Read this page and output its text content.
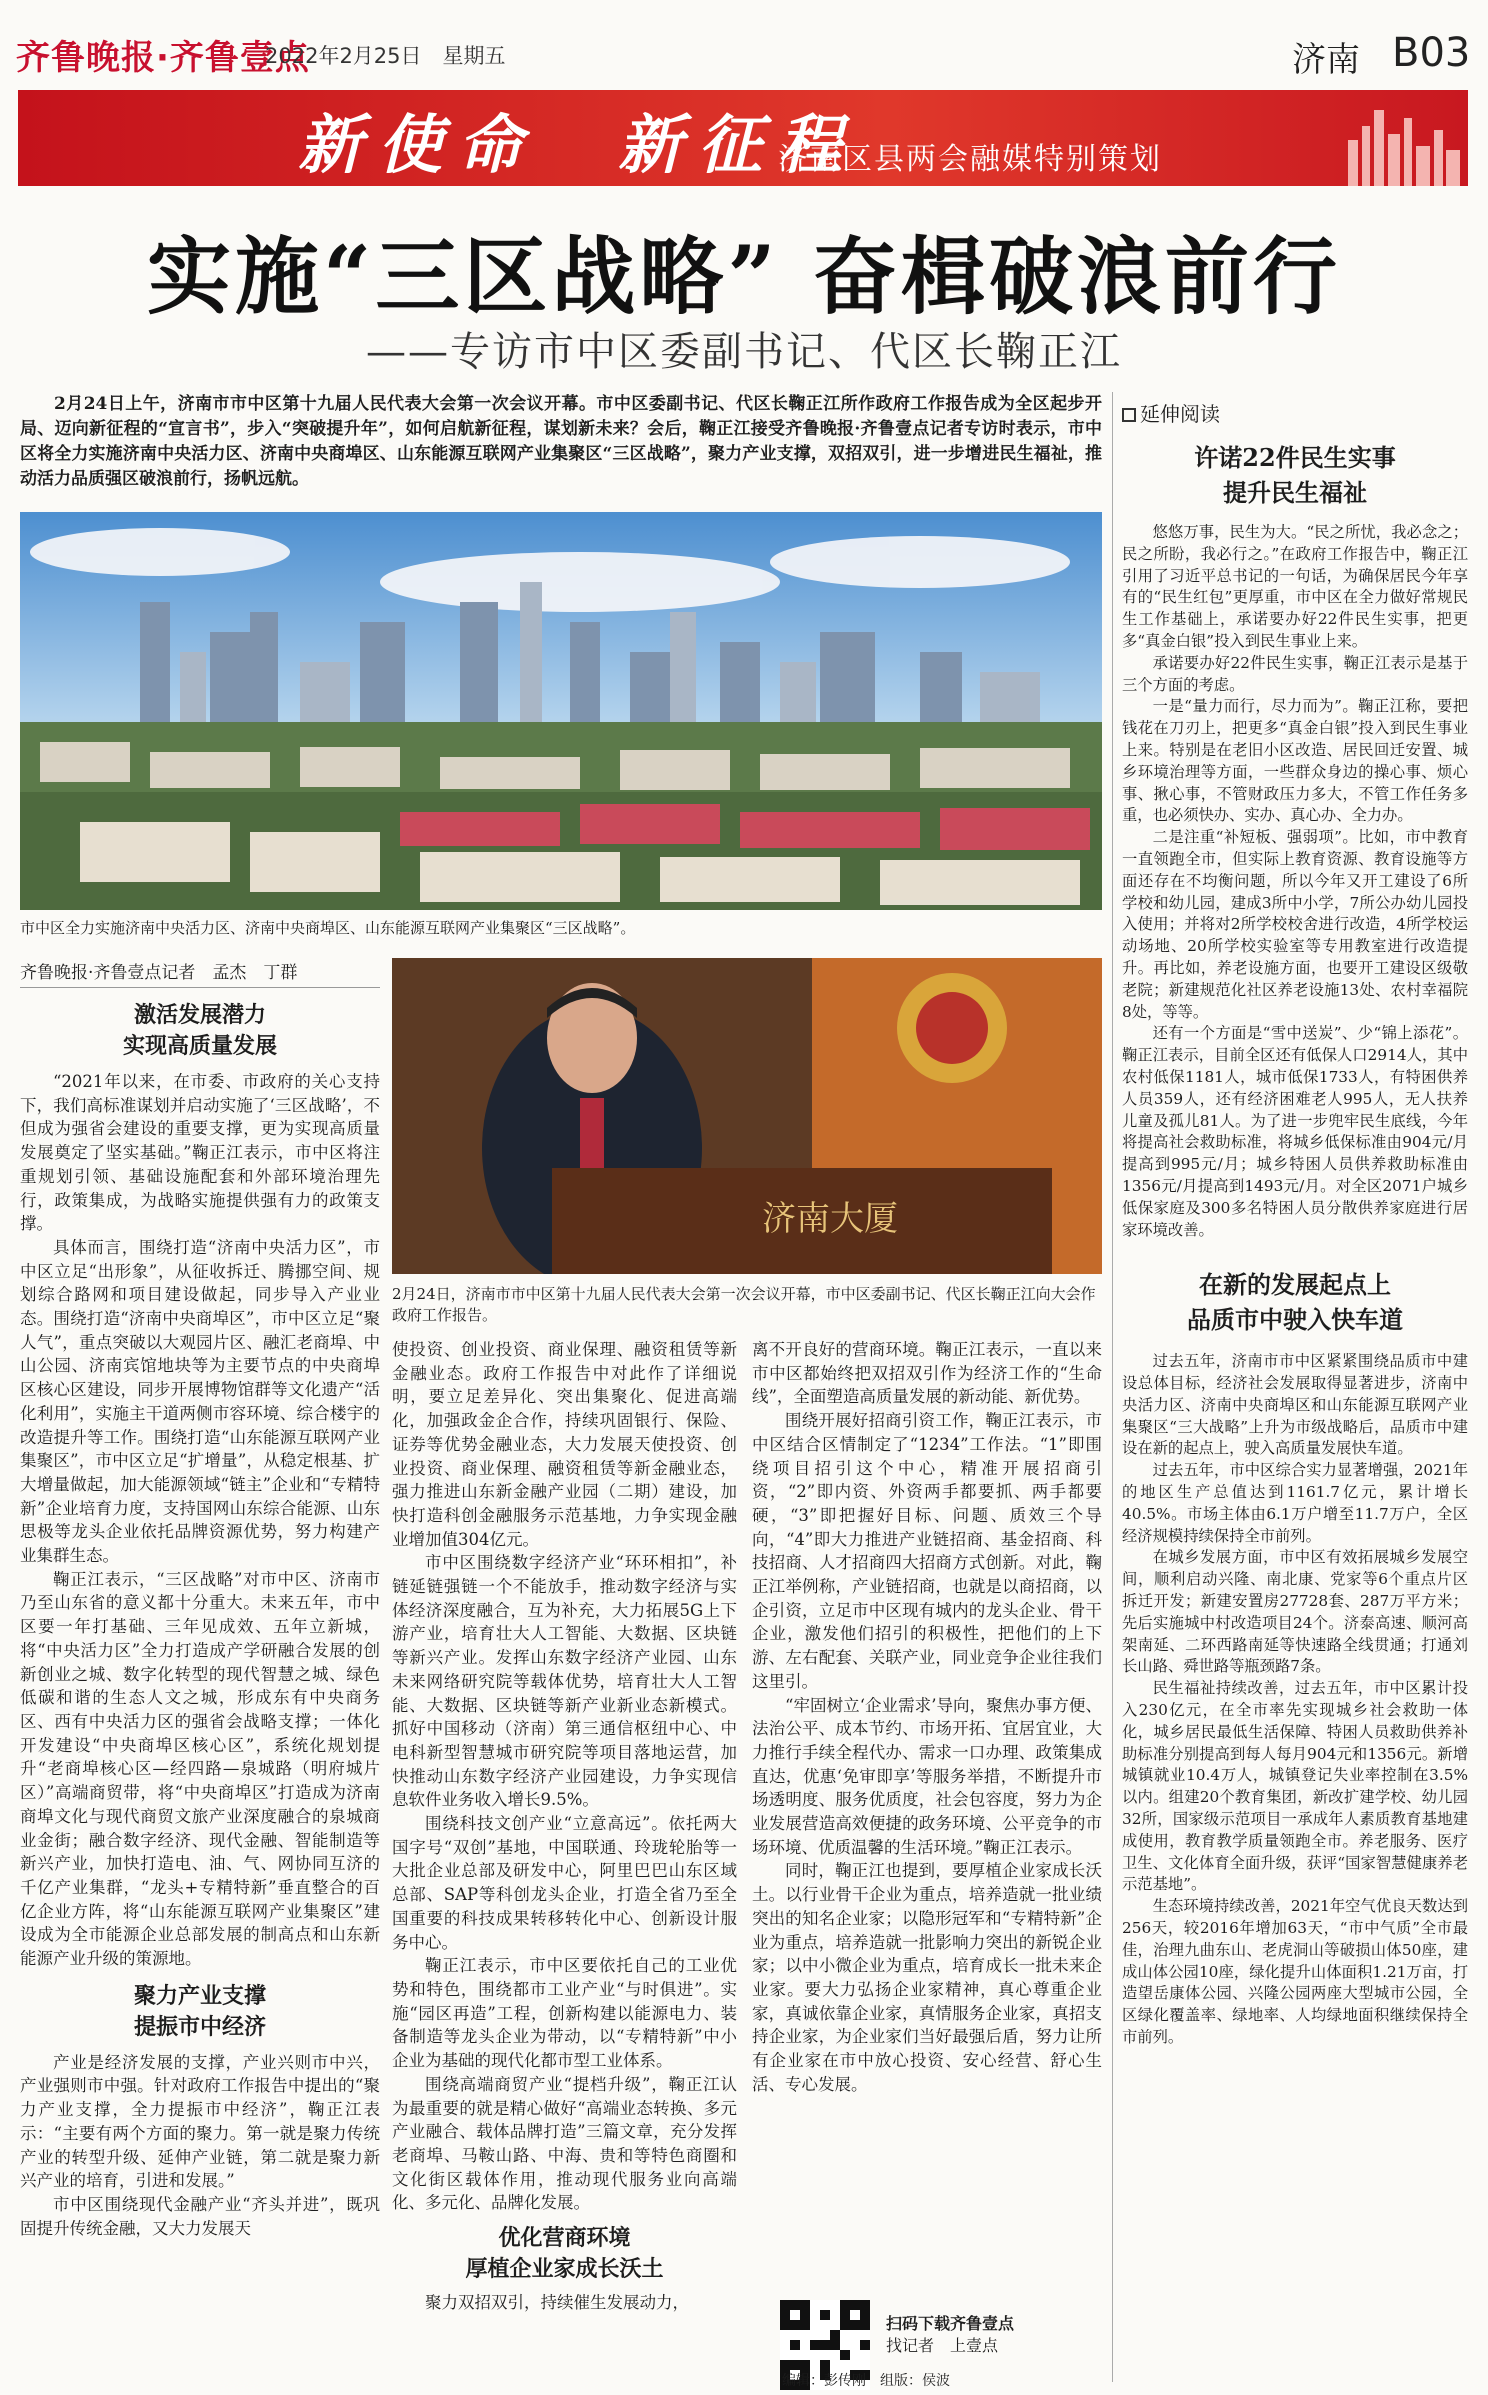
齐鲁晚报·齐鲁壹点
2022年2月25日　星期五	济南 B03
新使命　新征程
济南区县两会融媒特别策划
实施“三区战略” 奋楫破浪前行
——专访市中区委副书记、代区长鞠正江
2月24日上午，济南市市中区第十九届人民代表大会第一次会议开幕。市中区委副书记、代区长鞠正江所作政府工作报告成为全区起步开局、迈向新征程的“宣言书”，步入“突破提升年”，如何启航新征程，谋划新未来？会后，鞠正江接受齐鲁晚报·齐鲁壹点记者专访时表示，市中区将全力实施济南中央活力区、济南中央商埠区、山东能源互联网产业集聚区“三区战略”，聚力产业支撑，双招双引，进一步增进民生福祉，推动活力品质强区破浪前行，扬帆远航。
市中区全力实施济南中央活力区、济南中央商埠区、山东能源互联网产业集聚区“三区战略”。
齐鲁晚报·齐鲁壹点记者　孟杰　丁群
济南大厦
2月24日，济南市市中区第十九届人民代表大会第一次会议开幕，市中区委副书记、代区长鞠正江向大会作政府工作报告。

激活发展潜力
实现高质量发展

“2021年以来，在市委、市政府的关心支持下，我们高标准谋划并启动实施了‘三区战略’，不但成为强省会建设的重要支撑，更为实现高质量发展奠定了坚实基础。”鞠正江表示，市中区将注重规划引领、基础设施配套和外部环境治理先行，政策集成，为战略实施提供强有力的政策支撑。

具体而言，围绕打造“济南中央活力区”，市中区立足“出形象”，从征收拆迁、腾挪空间、规划综合路网和项目建设做起，同步导入产业业态。围绕打造“济南中央商埠区”，市中区立足“聚人气”，重点突破以大观园片区、融汇老商埠、中山公园、济南宾馆地块等为主要节点的中央商埠区核心区建设，同步开展博物馆群等文化遗产“活化利用”，实施主干道两侧市容环境、综合楼宇的改造提升等工作。围绕打造“山东能源互联网产业集聚区”，市中区立足“扩增量”，从稳定根基、扩大增量做起，加大能源领域“链主”企业和“专精特新”企业培育力度，支持国网山东综合能源、山东思极等龙头企业依托品牌资源优势，努力构建产业集群生态。

鞠正江表示，“三区战略”对市中区、济南市乃至山东省的意义都十分重大。未来五年，市中区要一年打基础、三年见成效、五年立新城，将“中央活力区”全力打造成产学研融合发展的创新创业之城、数字化转型的现代智慧之城、绿色低碳和谐的生态人文之城，形成东有中央商务区、西有中央活力区的强省会战略支撑；一体化开发建设“中央商埠区核心区”，系统化规划提升“老商埠核心区—经四路—泉城路（明府城片区）”高端商贸带，将“中央商埠区”打造成为济南商埠文化与现代商贸文旅产业深度融合的泉城商业金街；融合数字经济、现代金融、智能制造等新兴产业，加快打造电、油、气、网协同互济的千亿产业集群，“龙头+专精特新”垂直整合的百亿企业方阵，将“山东能源互联网产业集聚区”建设成为全市能源企业总部发展的制高点和山东新能源产业升级的策源地。

聚力产业支撑
提振市中经济

产业是经济发展的支撑，产业兴则市中兴，产业强则市中强。针对政府工作报告中提出的“聚力产业支撑，全力提振市中经济”，鞠正江表示：“主要有两个方面的聚力。第一就是聚力传统产业的转型升级、延伸产业链，第二就是聚力新兴产业的培育，引进和发展。”

市中区围绕现代金融产业“齐头并进”，既巩固提升传统金融，又大力发展天

使投资、创业投资、商业保理、融资租赁等新金融业态。政府工作报告中对此作了详细说明，要立足差异化、突出集聚化、促进高端化，加强政金企合作，持续巩固银行、保险、证券等优势金融业态，大力发展天使投资、创业投资、商业保理、融资租赁等新金融业态，强力推进山东新金融产业园（二期）建设，加快打造科创金融服务示范基地，力争实现金融业增加值304亿元。

市中区围绕数字经济产业“环环相扣”，补链延链强链一个不能放手，推动数字经济与实体经济深度融合，互为补充，大力拓展5G上下游产业，培育壮大人工智能、大数据、区块链等新兴产业。发挥山东数字经济产业园、山东未来网络研究院等载体优势，培育壮大人工智能、大数据、区块链等新产业新业态新模式。抓好中国移动（济南）第三通信枢纽中心、中电科新型智慧城市研究院等项目落地运营，加快推动山东数字经济产业园建设，力争实现信息软件业务收入增长9.5%。

围绕科技文创产业“立意高远”。依托两大国字号“双创”基地，中国联通、玲珑轮胎等一大批企业总部及研发中心，阿里巴巴山东区域总部、SAP等科创龙头企业，打造全省乃至全国重要的科技成果转移转化中心、创新设计服务中心。

鞠正江表示，市中区要依托自己的工业优势和特色，围绕都市工业产业“与时俱进”。实施“园区再造”工程，创新构建以能源电力、装备制造等龙头企业为带动，以“专精特新”中小企业为基础的现代化都市型工业体系。

围绕高端商贸产业“提档升级”，鞠正江认为最重要的就是精心做好“高端业态转换、多元产业融合、载体品牌打造”三篇文章，充分发挥老商埠、马鞍山路、中海、贵和等特色商圈和文化街区载体作用，推动现代服务业向高端化、多元化、品牌化发展。

优化营商环境
厚植企业家成长沃土

聚力双招双引，持续催生发展动力，

离不开良好的营商环境。鞠正江表示，一直以来市中区都始终把双招双引作为经济工作的“生命线”，全面塑造高质量发展的新动能、新优势。

围绕开展好招商引资工作，鞠正江表示，市中区结合区情制定了“1234”工作法。“1”即围绕项目招引这个中心，精准开展招商引资，“2”即内资、外资两手都要抓、两手都要硬，“3”即把握好目标、问题、质效三个导向，“4”即大力推进产业链招商、基金招商、科技招商、人才招商四大招商方式创新。对此，鞠正江举例称，产业链招商，也就是以商招商，以企引资，立足市中区现有城内的龙头企业、骨干企业，激发他们招引的积极性，把他们的上下游、左右配套、关联产业，同业竞争企业往我们这里引。

“牢固树立‘企业需求’导向，聚焦办事方便、法治公平、成本节约、市场开拓、宜居宜业，大力推行手续全程代办、需求一口办理、政策集成直达，优惠‘免审即享’等服务举措，不断提升市场透明度、服务优质度，社会包容度，努力为企业发展营造高效便捷的政务环境、公平竞争的市场环境、优质温馨的生活环境。”鞠正江表示。

同时，鞠正江也提到，要厚植企业家成长沃土。以行业骨干企业为重点，培养造就一批业绩突出的知名企业家；以隐形冠军和“专精特新”企业为重点，培养造就一批影响力突出的新锐企业家；以中小微企业为重点，培育成长一批未来企业家。要大力弘扬企业家精神，真心尊重企业家，真诚依靠企业家，真情服务企业家，真招支持企业家，为企业家们当好最强后盾，努力让所有企业家在市中放心投资、安心经营、舒心生活、专心发展。

扫码下载齐鲁壹点
找记者　上壹点
编辑：彭传刚　组版：侯波
延伸阅读

许诺22件民生实事
提升民生福祉

悠悠万事，民生为大。“民之所忧，我必念之；民之所盼，我必行之。”在政府工作报告中，鞠正江引用了习近平总书记的一句话，为确保居民今年享有的“民生红包”更厚重，市中区在全力做好常规民生工作基础上，承诺要办好22件民生实事，把更多“真金白银”投入到民生事业上来。

承诺要办好22件民生实事，鞠正江表示是基于三个方面的考虑。

一是“量力而行，尽力而为”。鞠正江称，要把钱花在刀刃上，把更多“真金白银”投入到民生事业上来。特别是在老旧小区改造、居民回迁安置、城乡环境治理等方面，一些群众身边的操心事、烦心事、揪心事，不管财政压力多大，不管工作任务多重，也必须快办、实办、真心办、全力办。

二是注重“补短板、强弱项”。比如，市中教育一直领跑全市，但实际上教育资源、教育设施等方面还存在不均衡问题，所以今年又开工建设了6所学校和幼儿园，建成3所中小学，7所公办幼儿园投入使用；并将对2所学校校舍进行改造，4所学校运动场地、20所学校实验室等专用教室进行改造提升。再比如，养老设施方面，也要开工建设区级敬老院；新建规范化社区养老设施13处、农村幸福院8处，等等。

还有一个方面是“雪中送炭”、少“锦上添花”。鞠正江表示，目前全区还有低保人口2914人，其中农村低保1181人，城市低保1733人，有特困供养人员359人，还有经济困难老人995人，无人扶养儿童及孤儿81人。为了进一步兜牢民生底线，今年将提高社会救助标准，将城乡低保标准由904元/月提高到995元/月；城乡特困人员供养救助标准由1356元/月提高到1493元/月。对全区2071户城乡低保家庭及300多名特困人员分散供养家庭进行居家环境改善。

在新的发展起点上
品质市中驶入快车道

过去五年，济南市市中区紧紧围绕品质市中建设总体目标，经济社会发展取得显著进步，济南中央活力区、济南中央商埠区和山东能源互联网产业集聚区“三大战略”上升为市级战略后，品质市中建设在新的起点上，驶入高质量发展快车道。

过去五年，市中区综合实力显著增强，2021年的地区生产总值达到1161.7亿元，累计增长40.5%。市场主体由6.1万户增至11.7万户，全区经济规模持续保持全市前列。

在城乡发展方面，市中区有效拓展城乡发展空间，顺利启动兴隆、南北康、党家等6个重点片区拆迁开发；新建安置房27728套、287万平方米；先后实施城中村改造项目24个。济泰高速、顺河高架南延、二环西路南延等快速路全线贯通；打通刘长山路、舜世路等瓶颈路7条。

民生福祉持续改善，过去五年，市中区累计投入230亿元，在全市率先实现城乡社会救助一体化，城乡居民最低生活保障、特困人员救助供养补助标准分别提高到每人每月904元和1356元。新增城镇就业10.4万人，城镇登记失业率控制在3.5%以内。组建20个教育集团，新改扩建学校、幼儿园32所，国家级示范项目一承成年人素质教育基地建成使用，教育教学质量领跑全市。养老服务、医疗卫生、文化体育全面升级，获评“国家智慧健康养老示范基地”。

生态环境持续改善，2021年空气优良天数达到256天，较2016年增加63天，“市中气质”全市最佳，治理九曲东山、老虎洞山等破损山体50座，建成山体公园10座，绿化提升山体面积1.21万亩，打造望岳康体公园、兴隆公园两座大型城市公园，全区绿化覆盖率、绿地率、人均绿地面积继续保持全市前列。
